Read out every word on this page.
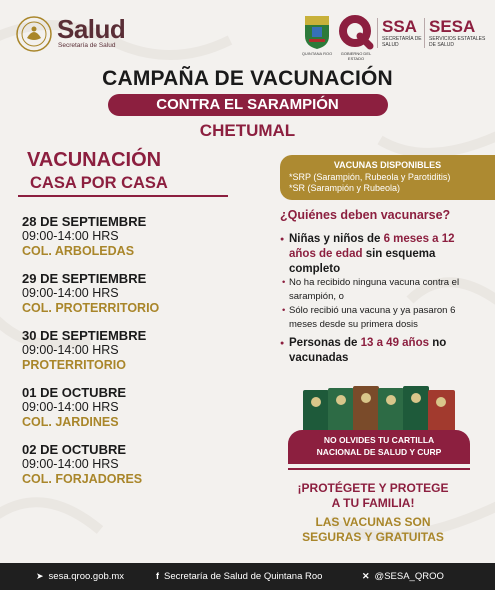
Salud
Secretaría de Salud
QUINTANA ROO	GOBIERNO DEL ESTADO
SSA
SECRETARÍA DE SALUD
SESA
SERVICIOS ESTATALES DE SALUD
CAMPAÑA DE VACUNACIÓN
CONTRA EL SARAMPIÓN
CHETUMAL
VACUNACIÓN
CASA POR CASA
28 DE SEPTIEMBRE
09:00-14:00 HRS
COL. ARBOLEDAS
29 DE SEPTIEMBRE
09:00-14:00 HRS
COL. PROTERRITORIO
30 DE SEPTIEMBRE
09:00-14:00 HRS
PROTERRITORIO
01 DE OCTUBRE
09:00-14:00 HRS
COL. JARDINES
02 DE OCTUBRE
09:00-14:00 HRS
COL. FORJADORES
VACUNAS DISPONIBLES
*SRP (Sarampión, Rubeola y Parotiditis)
*SR (Sarampión y Rubeola)
¿Quiénes deben vacunarse?
● Niñas y niños de 6 meses a 12 años de edad sin esquema completo
• No ha recibido ninguna vacuna contra el sarampión, o
• Sólo recibió una vacuna y ya pasaron 6 meses desde su primera dosis
● Personas de 13 a 49 años no vacunadas
NO OLVIDES TU CARTILLA
NACIONAL DE SALUD Y CURP
¡PROTÉGETE Y PROTEGE
A TU FAMILIA!
LAS VACUNAS SON
SEGURAS Y GRATUITAS
➤ sesa.qroo.gob.mx	f Secretaría de Salud de Quintana Roo	✕ @SESA_QROO
